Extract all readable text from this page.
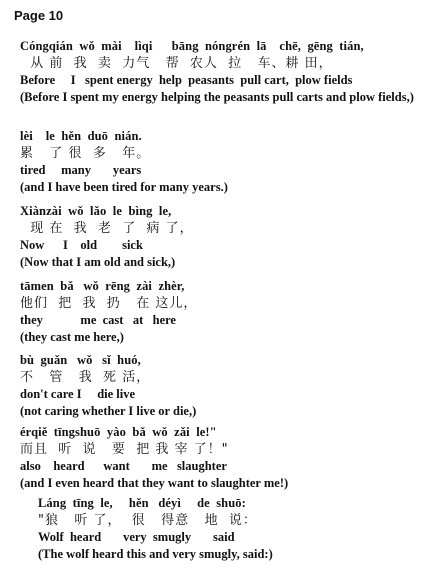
Page 10
Cóngqián  wǒ  mài    lìqi      bāng  nóngrén  lā    chē,  gēng  tián,
从 前  我  卖  力气   帮  农人  拉   车、耕 田，
Before     I   spent energy  help  peasants  pull cart,  plow fields
(Before I spent my energy helping the peasants pull carts and plow fields,)
lèi    le  hěn  duō  nián.
累   了 很  多   年。
tired     many       years
(and I have been tired for many years.)
Xiànzài  wǒ  lǎo  le  bìng  le,
现 在  我  老  了  病 了，
Now      I    old        sick
(Now that I am old and sick,)
tāmen  bǎ   wǒ  rēng  zài  zhèr,
他们  把  我  扔   在 这儿，
they            me  cast   at   here
(they cast me here,)
bù  guǎn   wǒ   sǐ  huó,
不   管   我  死 活，
don't care I     die live
(not caring whether I live or die,)
érqiě  tīngshuō  yào  bǎ  wǒ  zǎi  le!"
而且  听  说   要  把 我 宰 了！"
also    heard      want       me   slaughter
(and I even heard that they want to slaughter me!)
Láng  tīng  le,     hěn   déyì     de  shuō:
"狼   听 了，  很   得意   地  说：
Wolf  heard       very  smugly       said
(The wolf heard this and very smugly, said:)
